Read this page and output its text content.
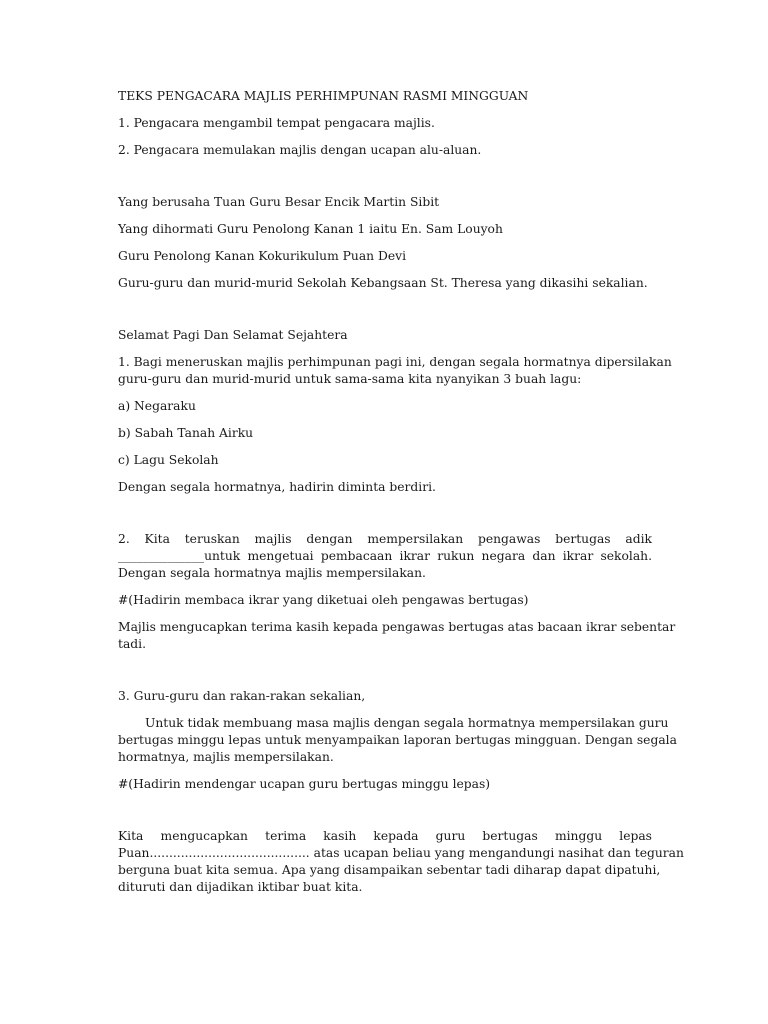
TEKS PENGACARA MAJLIS PERHIMPUNAN RASMI MINGGUAN
1. Pengacara mengambil tempat pengacara majlis.
2. Pengacara memulakan majlis dengan ucapan alu-aluan.
Yang berusaha Tuan Guru Besar Encik Martin Sibit
Yang dihormati Guru Penolong Kanan 1 iaitu En. Sam Louyoh
Guru Penolong Kanan Kokurikulum Puan Devi
Guru-guru dan murid-murid Sekolah Kebangsaan St. Theresa yang dikasihi sekalian.
Selamat Pagi Dan Selamat Sejahtera
1. Bagi meneruskan majlis perhimpunan pagi ini, dengan segala hormatnya dipersilakan
guru-guru dan murid-murid untuk sama-sama kita nyanyikan 3 buah lagu:
a) Negaraku
b) Sabah Tanah Airku
c) Lagu Sekolah
Dengan segala hormatnya, hadirin diminta berdiri.
2. Kita teruskan majlis dengan mempersilakan pengawas bertugas adik
______________untuk mengetuai pembacaan ikrar rukun negara dan ikrar sekolah.
Dengan segala hormatnya majlis mempersilakan.
#(Hadirin membaca ikrar yang diketuai oleh pengawas bertugas)
Majlis mengucapkan terima kasih kepada pengawas bertugas atas bacaan ikrar sebentar
tadi.
3. Guru-guru dan rakan-rakan sekalian,
Untuk tidak membuang masa majlis dengan segala hormatnya mempersilakan guru
bertugas minggu lepas untuk menyampaikan laporan bertugas mingguan. Dengan segala
hormatnya, majlis mempersilakan.
#(Hadirin mendengar ucapan guru bertugas minggu lepas)
Kita mengucapkan terima kasih kepada guru bertugas minggu lepas
Puan......................................... atas ucapan beliau yang mengandungi nasihat dan teguran
berguna buat kita semua. Apa yang disampaikan sebentar tadi diharap dapat dipatuhi,
dituruti dan dijadikan iktibar buat kita.
